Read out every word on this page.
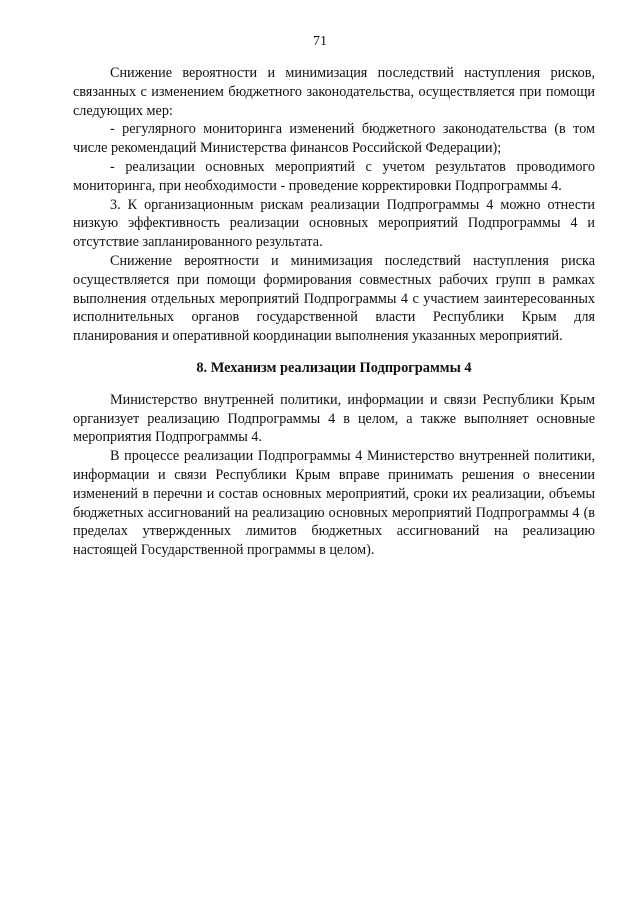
71

Снижение вероятности и минимизация последствий наступления рисков, связанных с изменением бюджетного законодательства, осуществляется при помощи следующих мер:

- регулярного мониторинга изменений бюджетного законодательства (в том числе рекомендаций Министерства финансов Российской Федерации);

- реализации основных мероприятий с учетом результатов проводимого мониторинга, при необходимости - проведение корректировки Подпрограммы 4.

3. К организационным рискам реализации Подпрограммы 4 можно отнести низкую эффективность реализации основных мероприятий Подпрограммы 4 и отсутствие запланированного результата.

Снижение вероятности и минимизация последствий наступления риска осуществляется при помощи формирования совместных рабочих групп в рамках выполнения отдельных мероприятий Подпрограммы 4 с участием заинтересованных исполнительных органов государственной власти Республики Крым для планирования и оперативной координации выполнения указанных мероприятий.

8. Механизм реализации Подпрограммы 4

Министерство внутренней политики, информации и связи Республики Крым организует реализацию Подпрограммы 4 в целом, а также выполняет основные мероприятия Подпрограммы 4.

В процессе реализации Подпрограммы 4 Министерство внутренней политики, информации и связи Республики Крым вправе принимать решения о внесении изменений в перечни и состав основных мероприятий, сроки их реализации, объемы бюджетных ассигнований на реализацию основных мероприятий Подпрограммы 4 (в пределах утвержденных лимитов бюджетных ассигнований на реализацию настоящей Государственной программы в целом).
